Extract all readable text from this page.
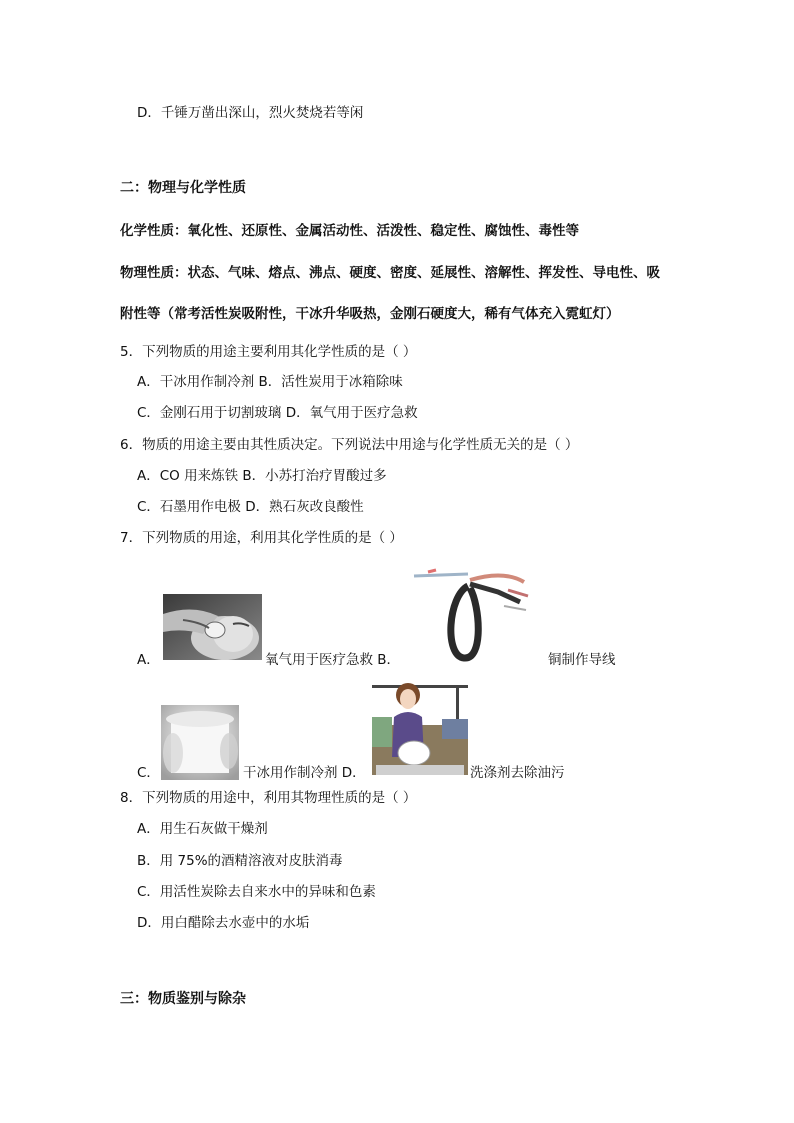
D．千锤万凿出深山，烈火焚烧若等闲
二：物理与化学性质
化学性质：氧化性、还原性、金属活动性、活泼性、稳定性、腐蚀性、毒性等
物理性质：状态、气味、熔点、沸点、硬度、密度、延展性、溶解性、挥发性、导电性、吸
附性等（常考活性炭吸附性，干冰升华吸热，金刚石硬度大，稀有气体充入霓虹灯）
5．下列物质的用途主要利用其化学性质的是（ ）
A．干冰用作制冷剂 B．活性炭用于冰箱除味
C．金刚石用于切割玻璃 D．氧气用于医疗急救
6．物质的用途主要由其性质决定。下列说法中用途与化学性质无关的是（ ）
A．CO 用来炼铁 B．小苏打治疗胃酸过多
C．石墨用作电极 D．熟石灰改良酸性
7．下列物质的用途，利用其化学性质的是（ ）
A．	氧气用于医疗急救 B．	铜制作导线
C．	干冰用作制冷剂 D．	洗涤剂去除油污
8．下列物质的用途中，利用其物理性质的是（ ）
A．用生石灰做干燥剂
B．用 75%的酒精溶液对皮肤消毒
C．用活性炭除去自来水中的异味和色素
D．用白醋除去水壶中的水垢
三：物质鉴别与除杂
